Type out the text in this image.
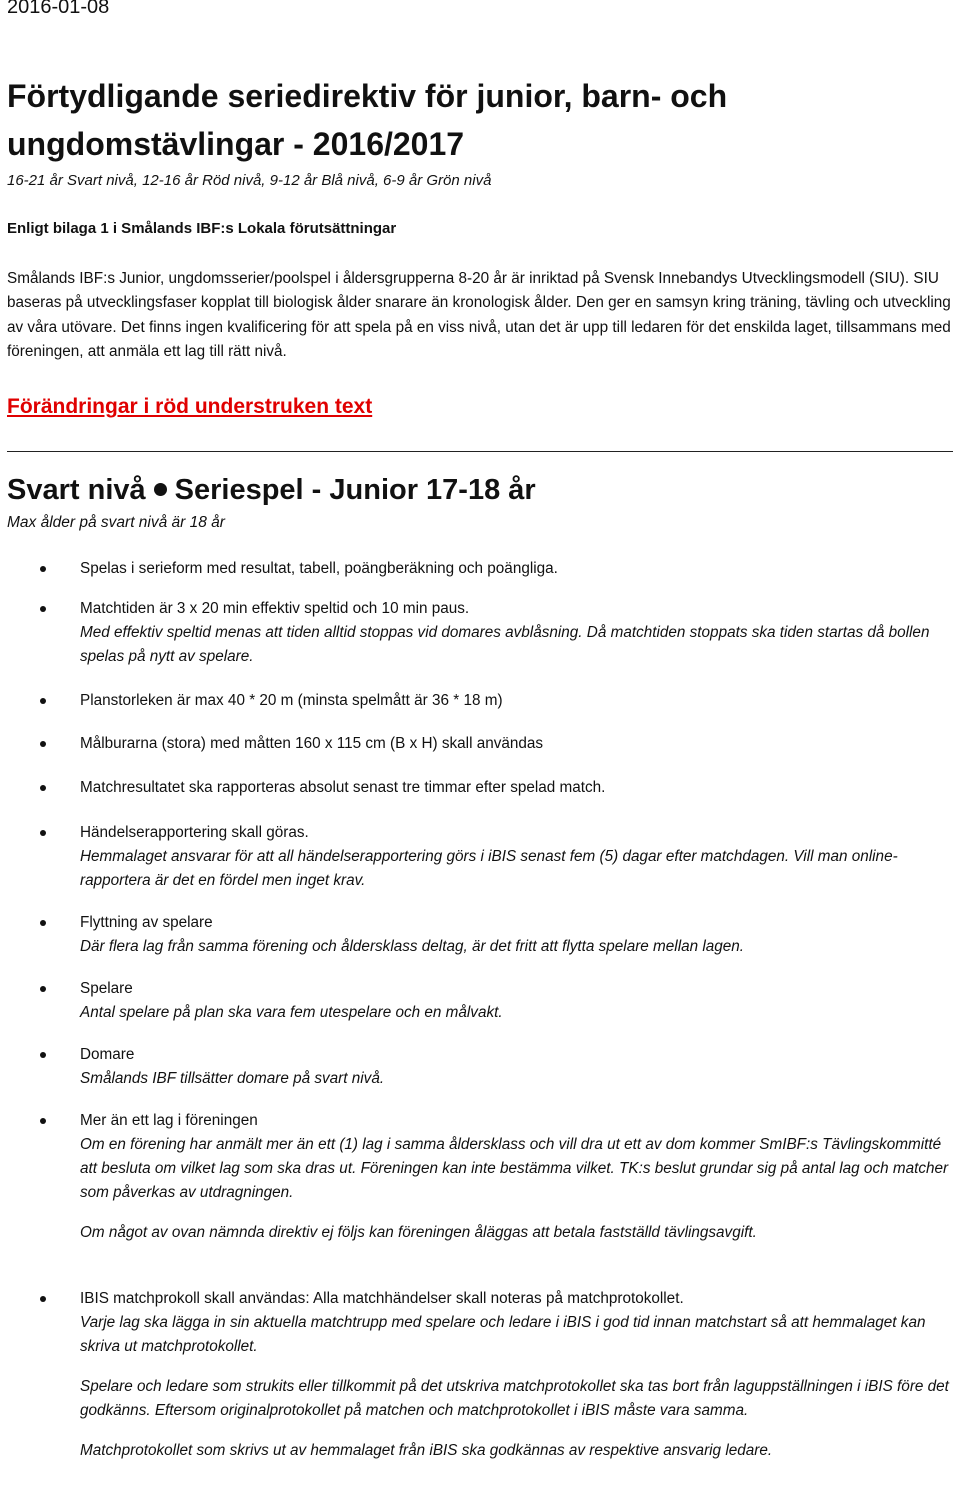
2016-01-08
Förtydligande seriedirektiv för junior, barn- och ungdomstävlingar - 2016/2017
16-21 år Svart nivå, 12-16 år Röd nivå, 9-12 år Blå nivå, 6-9 år Grön nivå
Enligt bilaga 1 i Smålands IBF:s Lokala förutsättningar
Smålands IBF:s Junior, ungdomsserier/poolspel i åldersgrupperna 8-20 år är inriktad på Svensk Innebandys Utvecklingsmodell (SIU). SIU baseras på utvecklingsfaser kopplat till biologisk ålder snarare än kronologisk ålder. Den ger en samsyn kring träning, tävling och utveckling av våra utövare. Det finns ingen kvalificering för att spela på en viss nivå, utan det är upp till ledaren för det enskilda laget, tillsammans med föreningen, att anmäla ett lag till rätt nivå.
Förändringar i röd understruken text
Svart nivå Seriespel - Junior 17-18 år
Max ålder på svart nivå är 18 år
Spelas i serieform med resultat, tabell, poängberäkning och poängliga.
Matchtiden är 3 x 20 min effektiv speltid och 10 min paus.
Med effektiv speltid menas att tiden alltid stoppas vid domares avblåsning. Då matchtiden stoppats ska tiden startas då bollen spelas på nytt av spelare.
Planstorleken är max 40 * 20 m (minsta spelmått är 36 * 18 m)
Målburarna (stora) med måtten 160 x 115 cm (B x H) skall användas
Matchresultatet ska rapporteras absolut senast tre timmar efter spelad match.
Händelserapportering skall göras.
Hemmalaget ansvarar för att all händelserapportering görs i iBIS senast fem (5) dagar efter matchdagen. Vill man online-rapportera är det en fördel men inget krav.
Flyttning av spelare
Där flera lag från samma förening och åldersklass deltag, är det fritt att flytta spelare mellan lagen.
Spelare
Antal spelare på plan ska vara fem utespelare och en målvakt.
Domare
Smålands IBF tillsätter domare på svart nivå.
Mer än ett lag i föreningen
Om en förening har anmält mer än ett (1) lag i samma åldersklass och vill dra ut ett av dom kommer SmIBF:s Tävlingskommitté att besluta om vilket lag som ska dras ut. Föreningen kan inte bestämma vilket. TK:s beslut grundar sig på antal lag och matcher som påverkas av utdragningen.
Om något av ovan nämnda direktiv ej följs kan föreningen åläggas att betala fastställd tävlingsavgift.
IBIS matchprokoll skall användas: Alla matchhändelser skall noteras på matchprotokollet.
Varje lag ska lägga in sin aktuella matchtrupp med spelare och ledare i iBIS i god tid innan matchstart så att hemmalaget kan skriva ut matchprotokollet.
Spelare och ledare som strukits eller tillkommit på det utskriva matchprotokollet ska tas bort från laguppställningen i iBIS före det godkänns. Eftersom originalprotokollet på matchen och matchprotokollet i iBIS måste vara samma.
Matchprotokollet som skrivs ut av hemmalaget från iBIS ska godkännas av respektive ansvarig ledare.
